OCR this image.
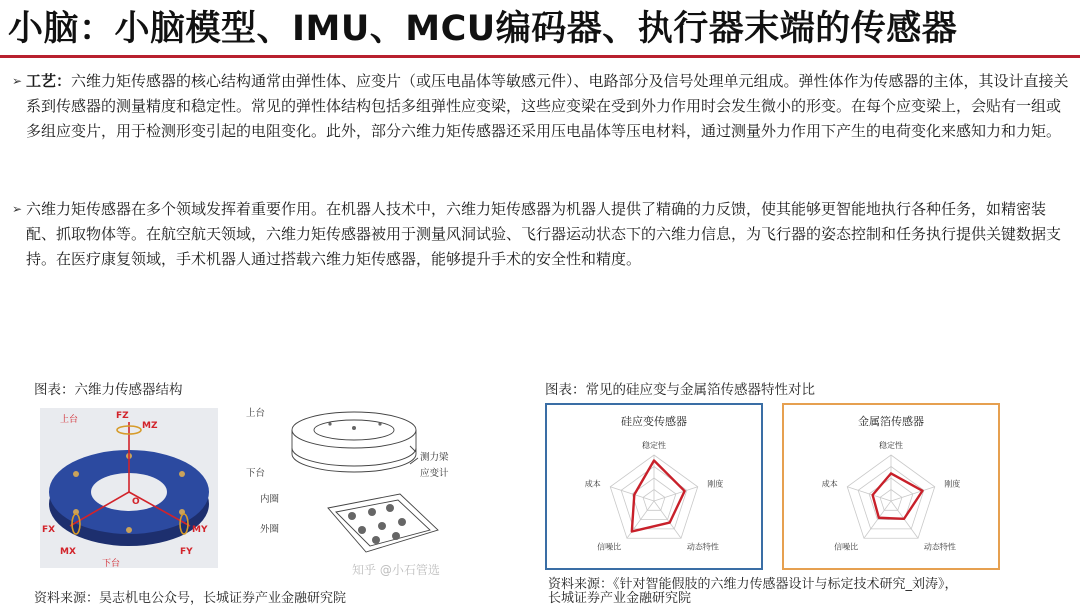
小脑：小脑模型、IMU、MCU编码器、执行器末端的传感器
➢ 工艺：六维力矩传感器的核心结构通常由弹性体、应变片（或压电晶体等敏感元件）、电路部分及信号处理单元组成。弹性体作为传感器的主体，其设计直接关系到传感器的测量精度和稳定性。常见的弹性体结构包括多组弹性应变梁，这些应变梁在受到外力作用时会发生微小的形变。在每个应变梁上，会贴有一组或多组应变片，用于检测形变引起的电阻变化。此外，部分六维力矩传感器还采用压电晶体等压电材料，通过测量外力作用下产生的电荷变化来感知力和力矩。
➢ 六维力矩传感器在多个领域发挥着重要作用。在机器人技术中，六维力矩传感器为机器人提供了精确的力反馈，使其能够更智能地执行各种任务，如精密装配、抓取物体等。在航空航天领域，六维力矩传感器被用于测量风洞试验、飞行器运动状态下的六维力信息，为飞行器的姿态控制和任务执行提供关键数据支持。在医疗康复领域，手术机器人通过搭载六维力矩传感器，能够提升手术的安全性和精度。
图表：六维力传感器结构
上台	FZ
MZ
FX
MX
MY
FY
O
下台
上台
下台
测力梁
应变计
内圈
外圈
资料来源：昊志机电公众号，长城证券产业金融研究院
图表：常见的硅应变与金属箔传感器特性对比
硅应变传感器
稳定性
刚度
动态特性
信噪比
成本
金属箔传感器
稳定性
刚度
动态特性
信噪比
成本
资料来源：《针对智能假肢的六维力传感器设计与标定技术研究_刘涛》，
长城证券产业金融研究院
知乎 @小石管选
